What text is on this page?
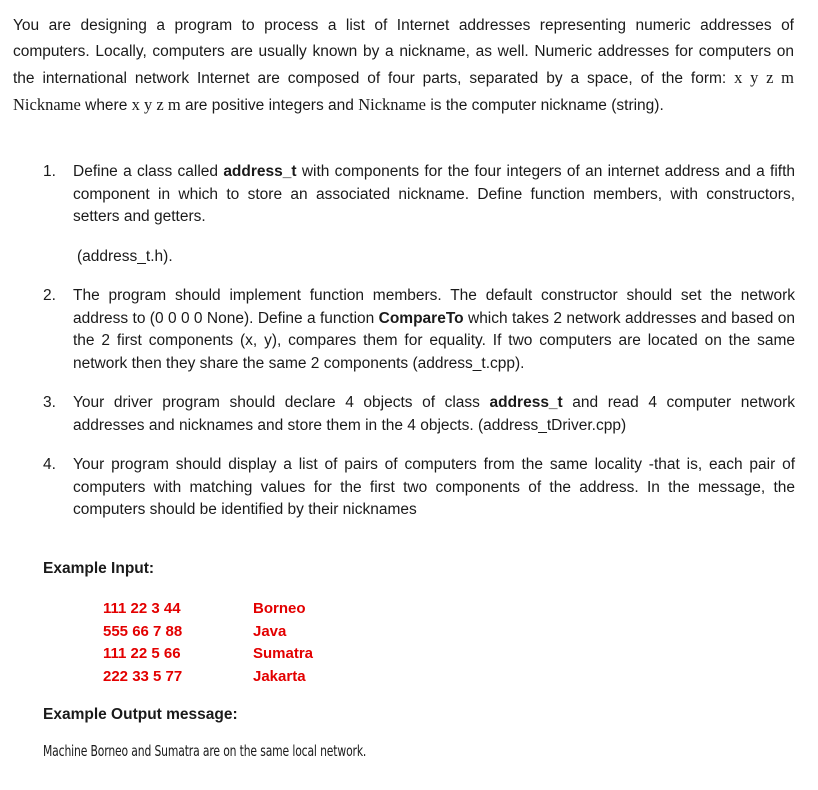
You are designing a program to process a list of Internet addresses representing numeric addresses of computers. Locally, computers are usually known by a nickname, as well. Numeric addresses for computers on the international network Internet are composed of four parts, separated by a space, of the form: x y z m Nickname where x y z m are positive integers and Nickname is the computer nickname (string).
1. Define a class called address_t with components for the four integers of an internet address and a fifth component in which to store an associated nickname. Define function members, with constructors, setters and getters.
(address_t.h).
2. The program should implement function members. The default constructor should set the network address to (0 0 0 0 None). Define a function CompareTo which takes 2 network addresses and based on the 2 first components (x, y), compares them for equality. If two computers are located on the same network then they share the same 2 components (address_t.cpp).
3. Your driver program should declare 4 objects of class address_t and read 4 computer network addresses and nicknames and store them in the 4 objects. (address_tDriver.cpp)
4. Your program should display a list of pairs of computers from the same locality -that is, each pair of computers with matching values for the first two components of the address. In the message, the computers should be identified by their nicknames
Example Input:
111 22 3 44	Borneo
555 66 7 88	Java
111 22 5 66	Sumatra
222 33 5 77	Jakarta
Example Output message:
Machine Borneo and Sumatra are on the same local network.
